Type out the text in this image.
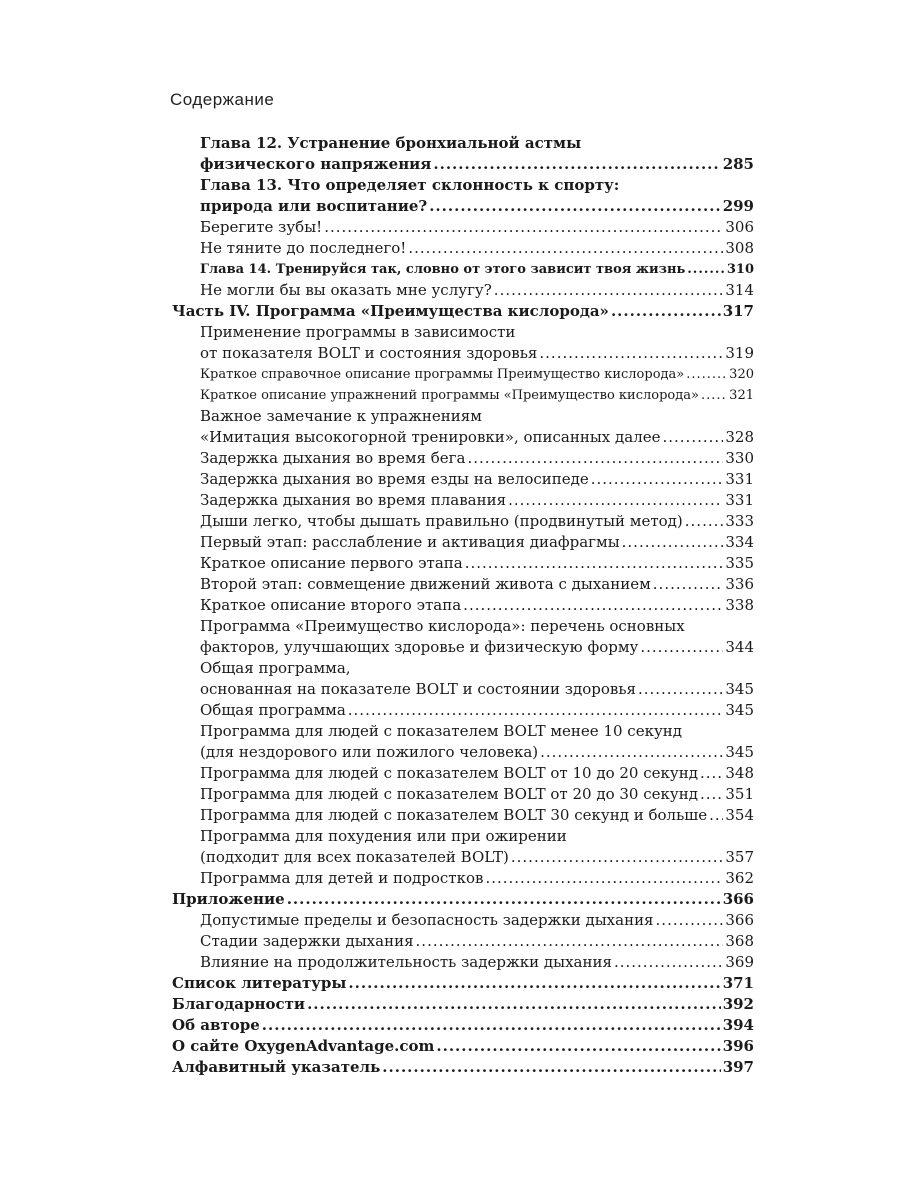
Содержание
Глава 12. Устранение бронхиальной астмы
физического напряжения .....	285
Глава 13. Что определяет склонность к спорту:
природа или воспитание? .....	299
Берегите зубы! .....	306
Не тяните до последнего! .....	308
Глава 14. Тренируйся так, словно от этого зависит твоя жизнь .....	310
Не могли бы вы оказать мне услугу? .....	314
Часть IV. Программа «Преимущества кислорода» .....	317
Применение программы в зависимости
от показателя BOLT и состояния здоровья .....	319
Краткое справочное описание программы Преимущество кислорода» .....	320
Краткое описание упражнений программы «Преимущество кислорода» ..... 321
Важное замечание к упражнениям
«Имитация высокогорной тренировки», описанных далее .....	328
Задержка дыхания во время бега .....	330
Задержка дыхания во время езды на велосипеде .....	331
Задержка дыхания во время плавания .....	331
Дыши легко, чтобы дышать правильно (продвинутый метод) .....	333
Первый этап: расслабление и активация диафрагмы .....	334
Краткое описание первого этапа .....	335
Второй этап: совмещение движений живота с дыханием .....	336
Краткое описание второго этапа .....	338
Программа «Преимущество кислорода»: перечень основных
факторов, улучшающих здоровье и физическую форму .....	344
Общая программа,
основанная на показателе BOLT и состоянии здоровья .....	345
Общая программа .....	345
Программа для людей с показателем BOLT менее 10 секунд
(для нездорового или пожилого человека) .....	345
Программа для людей с показателем BOLT от 10 до 20 секунд ..... 348
Программа для людей с показателем BOLT от 20 до 30 секунд ..... 351
Программа для людей с показателем BOLT 30 секунд и больше ..... 354
Программа для похудения или при ожирении
(подходит для всех показателей BOLT) .....	357
Программа для детей и подростков .....	362
Приложение .....	366
Допустимые пределы и безопасность задержки дыхания .....	366
Стадии задержки дыхания .....	368
Влияние на продолжительность задержки дыхания .....	369
Список литературы .....	371
Благодарности .....	392
Об авторе .....	394
О сайте OxygenAdvantage.com .....	396
Алфавитный указатель .....	397
